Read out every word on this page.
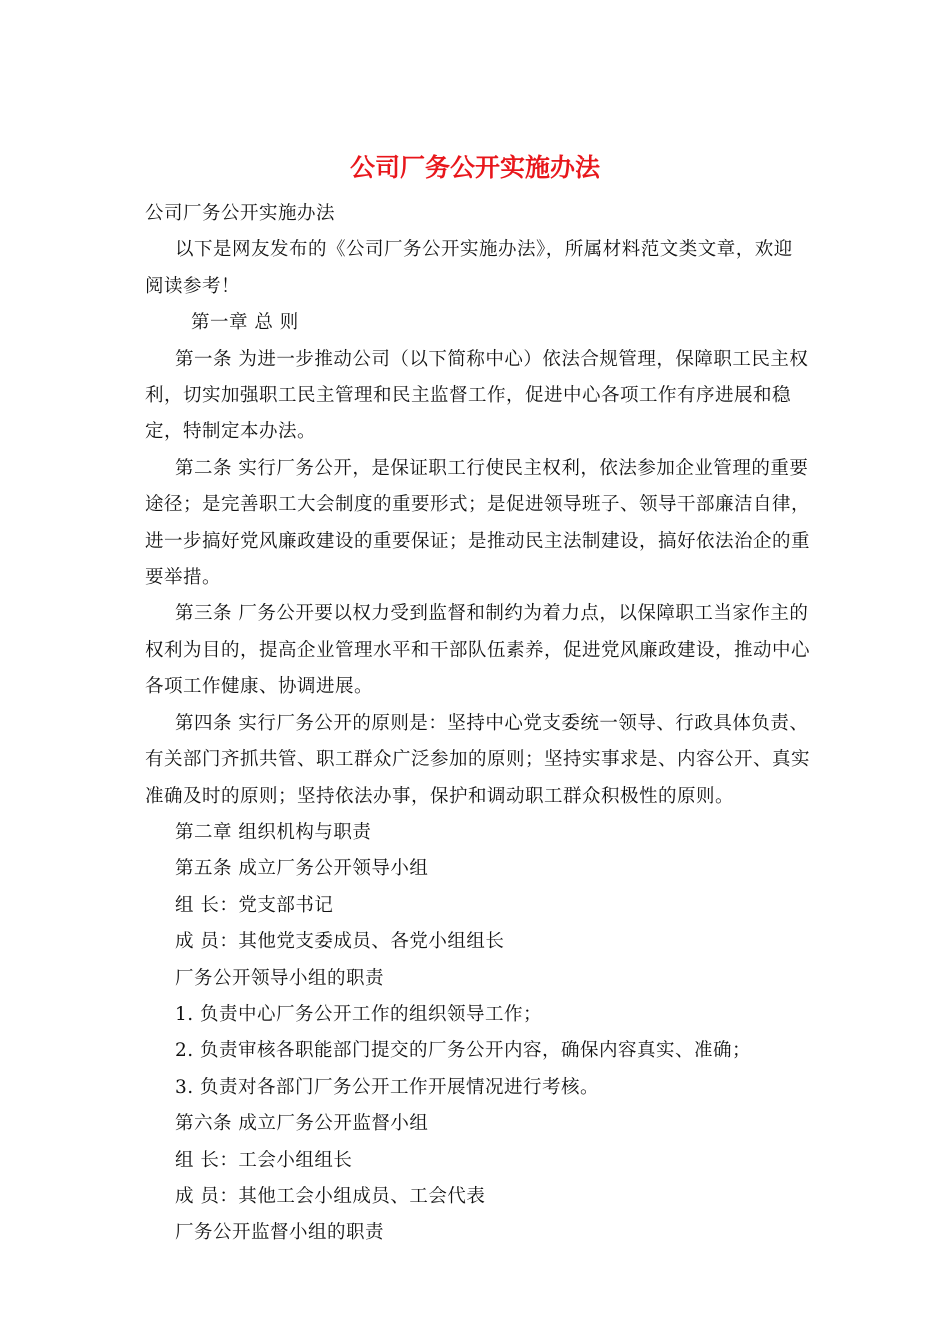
公司厂务公开实施办法

公司厂务公开实施办法

以下是网友发布的《公司厂务公开实施办法》，所属材料范文类文章，欢迎阅读参考！

第一章 总 则

第一条 为进一步推动公司（以下简称中心）依法合规管理，保障职工民主权利，切实加强职工民主管理和民主监督工作，促进中心各项工作有序进展和稳定，特制定本办法。

第二条 实行厂务公开，是保证职工行使民主权利，依法参加企业管理的重要途径；是完善职工大会制度的重要形式；是促进领导班子、领导干部廉洁自律，进一步搞好党风廉政建设的重要保证；是推动民主法制建设，搞好依法治企的重要举措。

第三条 厂务公开要以权力受到监督和制约为着力点，以保障职工当家作主的权利为目的，提高企业管理水平和干部队伍素养，促进党风廉政建设，推动中心各项工作健康、协调进展。

第四条 实行厂务公开的原则是：坚持中心党支委统一领导、行政具体负责、有关部门齐抓共管、职工群众广泛参加的原则；坚持实事求是、内容公开、真实准确及时的原则；坚持依法办事，保护和调动职工群众积极性的原则。

第二章 组织机构与职责

第五条 成立厂务公开领导小组

组 长：党支部书记

成 员：其他党支委成员、各党小组组长

厂务公开领导小组的职责

1. 负责中心厂务公开工作的组织领导工作；

2. 负责审核各职能部门提交的厂务公开内容，确保内容真实、准确；

3. 负责对各部门厂务公开工作开展情况进行考核。

第六条 成立厂务公开监督小组

组 长：工会小组组长

成 员：其他工会小组成员、工会代表

厂务公开监督小组的职责
